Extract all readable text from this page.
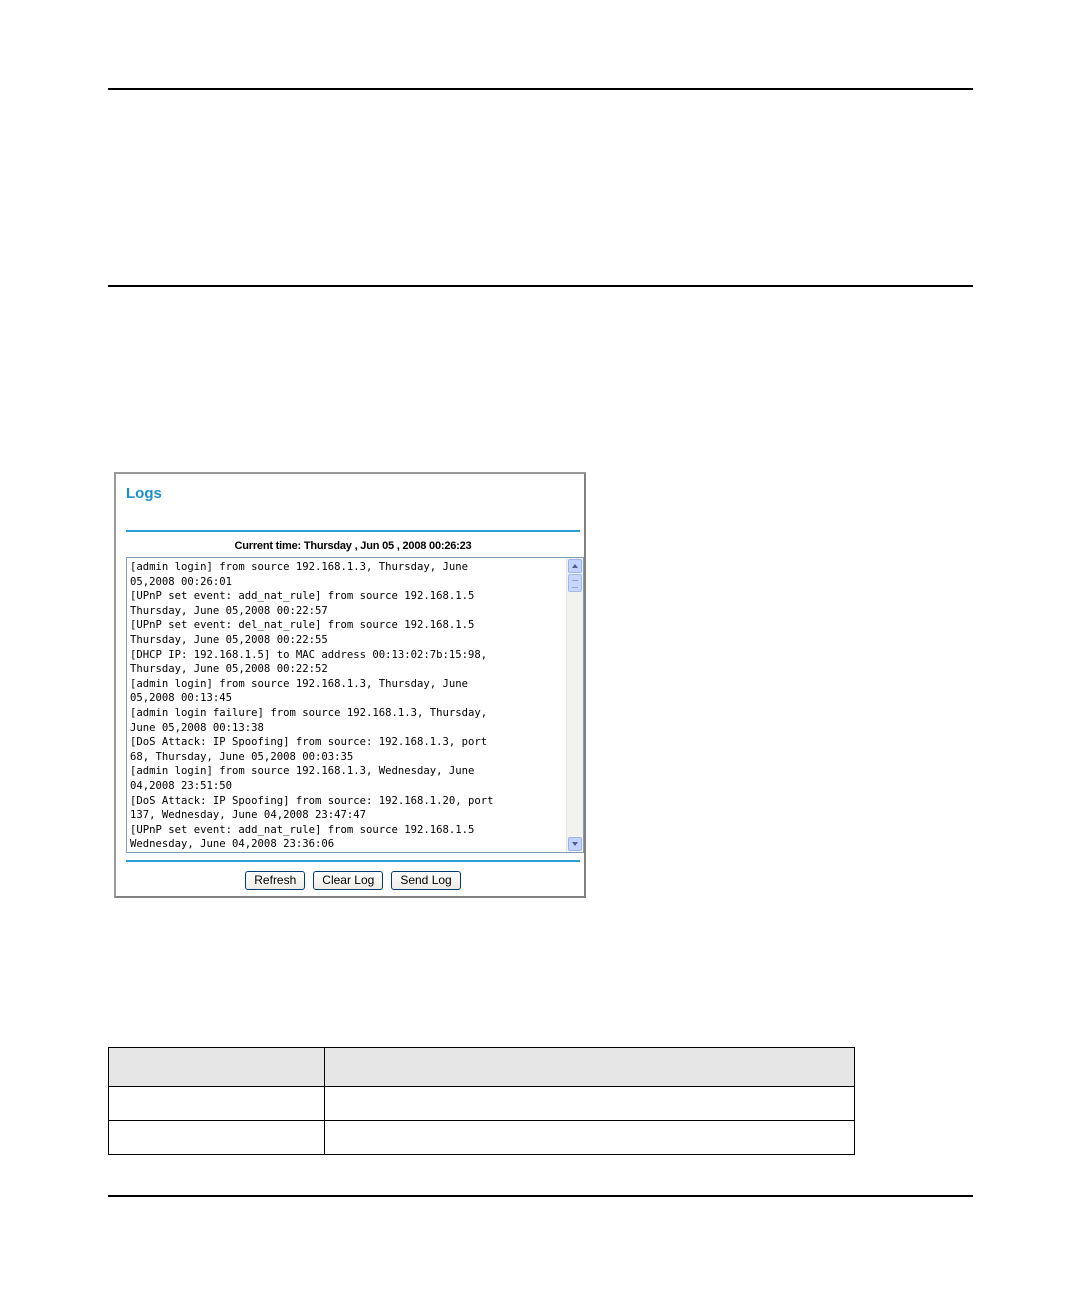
Logs
Current time: Thursday , Jun 05 , 2008 00:26:23
[admin login] from source 192.168.1.3, Thursday, June
05,2008 00:26:01
[UPnP set event: add_nat_rule] from source 192.168.1.5
Thursday, June 05,2008 00:22:57
[UPnP set event: del_nat_rule] from source 192.168.1.5
Thursday, June 05,2008 00:22:55
[DHCP IP: 192.168.1.5] to MAC address 00:13:02:7b:15:98,
Thursday, June 05,2008 00:22:52
[admin login] from source 192.168.1.3, Thursday, June
05,2008 00:13:45
[admin login failure] from source 192.168.1.3, Thursday,
June 05,2008 00:13:38
[DoS Attack: IP Spoofing] from source: 192.168.1.3, port
68, Thursday, June 05,2008 00:03:35
[admin login] from source 192.168.1.3, Wednesday, June
04,2008 23:51:50
[DoS Attack: IP Spoofing] from source: 192.168.1.20, port
137, Wednesday, June 04,2008 23:47:47
[UPnP set event: add_nat_rule] from source 192.168.1.5
Wednesday, June 04,2008 23:36:06

Refresh Clear Log Send Log
